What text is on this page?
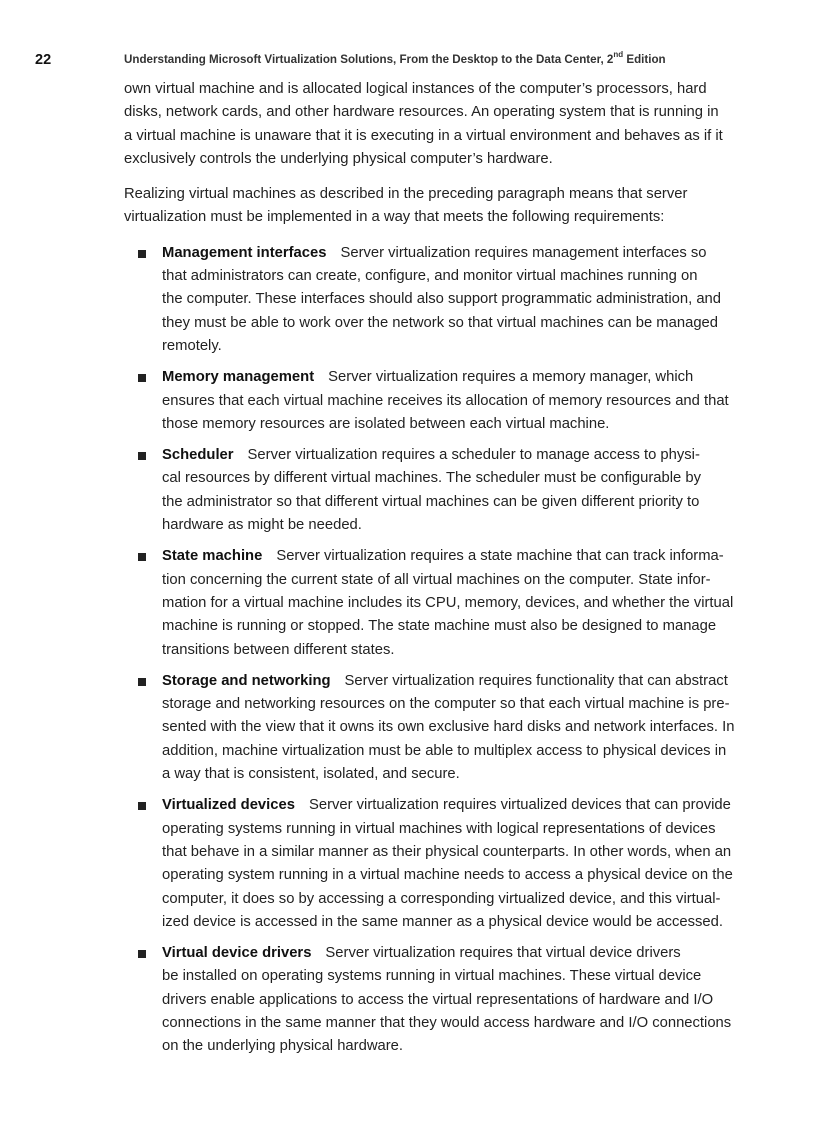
22	Understanding Microsoft Virtualization Solutions, From the Desktop to the Data Center, 2nd Edition

own virtual machine and is allocated logical instances of the computer’s processors, hard
disks, network cards, and other hardware resources. An operating system that is running in
a virtual machine is unaware that it is executing in a virtual environment and behaves as if it
exclusively controls the underlying physical computer’s hardware.

Realizing virtual machines as described in the preceding paragraph means that server
virtualization must be implemented in a way that meets the following requirements:

Management interfaces Server virtualization requires management interfaces so
that administrators can create, configure, and monitor virtual machines running on
the computer. These interfaces should also support programmatic administration, and
they must be able to work over the network so that virtual machines can be managed
remotely.
Memory management Server virtualization requires a memory manager, which
ensures that each virtual machine receives its allocation of memory resources and that
those memory resources are isolated between each virtual machine.
Scheduler Server virtualization requires a scheduler to manage access to physi-
cal resources by different virtual machines. The scheduler must be configurable by
the administrator so that different virtual machines can be given different priority to
hardware as might be needed.
State machine Server virtualization requires a state machine that can track informa-
tion concerning the current state of all virtual machines on the computer. State infor-
mation for a virtual machine includes its CPU, memory, devices, and whether the virtual
machine is running or stopped. The state machine must also be designed to manage
transitions between different states.
Storage and networking Server virtualization requires functionality that can abstract
storage and networking resources on the computer so that each virtual machine is pre-
sented with the view that it owns its own exclusive hard disks and network interfaces. In
addition, machine virtualization must be able to multiplex access to physical devices in
a way that is consistent, isolated, and secure.
Virtualized devices Server virtualization requires virtualized devices that can provide
operating systems running in virtual machines with logical representations of devices
that behave in a similar manner as their physical counterparts. In other words, when an
operating system running in a virtual machine needs to access a physical device on the
computer, it does so by accessing a corresponding virtualized device, and this virtual-
ized device is accessed in the same manner as a physical device would be accessed.
Virtual device drivers Server virtualization requires that virtual device drivers
be installed on operating systems running in virtual machines. These virtual device
drivers enable applications to access the virtual representations of hardware and I/O
connections in the same manner that they would access hardware and I/O connections
on the underlying physical hardware.
